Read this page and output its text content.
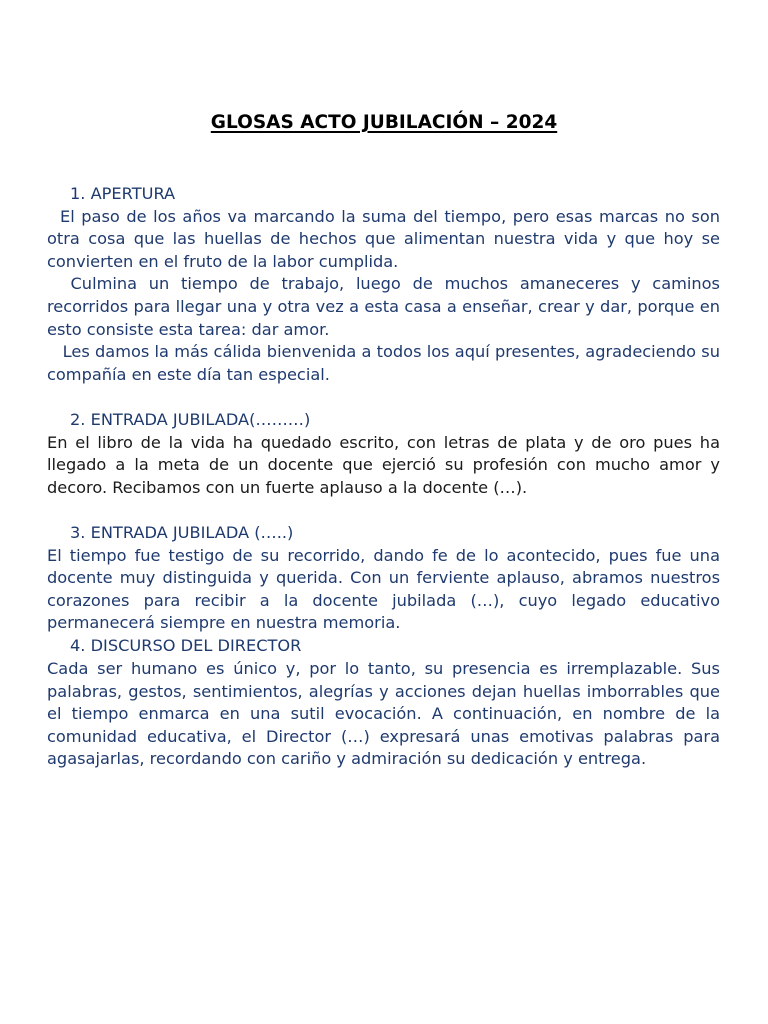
GLOSAS ACTO JUBILACIÓN – 2024
1. APERTURA

El paso de los años va marcando la suma del tiempo, pero esas marcas no son otra cosa que las huellas de hechos que alimentan nuestra vida y que hoy se convierten en el fruto de la labor cumplida.

Culmina un tiempo de trabajo, luego de muchos amaneceres y caminos recorridos para llegar una y otra vez a esta casa a enseñar, crear y dar, porque en esto consiste esta tarea: dar amor.

Les damos la más cálida bienvenida a todos los aquí presentes, agradeciendo su compañía en este día tan especial.

2. ENTRADA JUBILADA(………)

En el libro de la vida ha quedado escrito, con letras de plata y de oro pues ha llegado a la meta de un docente que ejerció su profesión con mucho amor y decoro. Recibamos con un fuerte aplauso a la docente (…).

3. ENTRADA JUBILADA (…..)

El tiempo fue testigo de su recorrido, dando fe de lo acontecido, pues fue una docente muy distinguida y querida. Con un ferviente aplauso, abramos nuestros corazones para recibir a la docente jubilada (…), cuyo legado educativo permanecerá siempre en nuestra memoria.

4. DISCURSO DEL DIRECTOR

Cada ser humano es único y, por lo tanto, su presencia es irremplazable. Sus palabras, gestos, sentimientos, alegrías y acciones dejan huellas imborrables que el tiempo enmarca en una sutil evocación. A continuación, en nombre de la comunidad educativa, el Director (…) expresará unas emotivas palabras para agasajarlas, recordando con cariño y admiración su dedicación y entrega.
